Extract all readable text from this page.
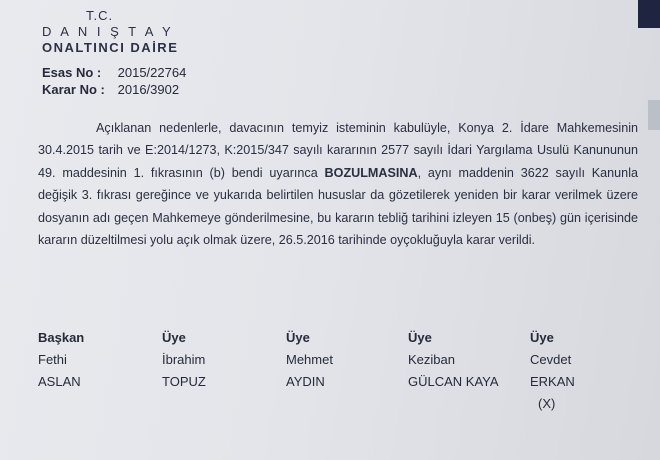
T.C.
D A N I Ş T A Y
ONALTINCI DAİRE
Esas No : 2015/22764
Karar No : 2016/3902

Açıklanan nedenlerle, davacının temyiz isteminin kabulüyle, Konya 2. İdare Mahkemesinin 30.4.2015 tarih ve E:2014/1273, K:2015/347 sayılı kararının 2577 sayılı İdari Yargılama Usulü Kanununun 49. maddesinin 1. fıkrasının (b) bendi uyarınca BOZULMASINA, aynı maddenin 3622 sayılı Kanunla değişik 3. fıkrası gereğince ve yukarıda belirtilen hususlar da gözetilerek yeniden bir karar verilmek üzere dosyanın adı geçen Mahkemeye gönderilmesine, bu kararın tebliğ tarihini izleyen 15 (onbeş) gün içerisinde kararın düzeltilmesi yolu açık olmak üzere, 26.5.2016 tarihinde oyçokluğuyla karar verildi.

Başkan
Fethi
ASLAN
Üye
İbrahim
TOPUZ
Üye
Mehmet
AYDIN
Üye
Keziban
GÜLCAN KAYA
Üye
Cevdet
ERKAN
(X)
